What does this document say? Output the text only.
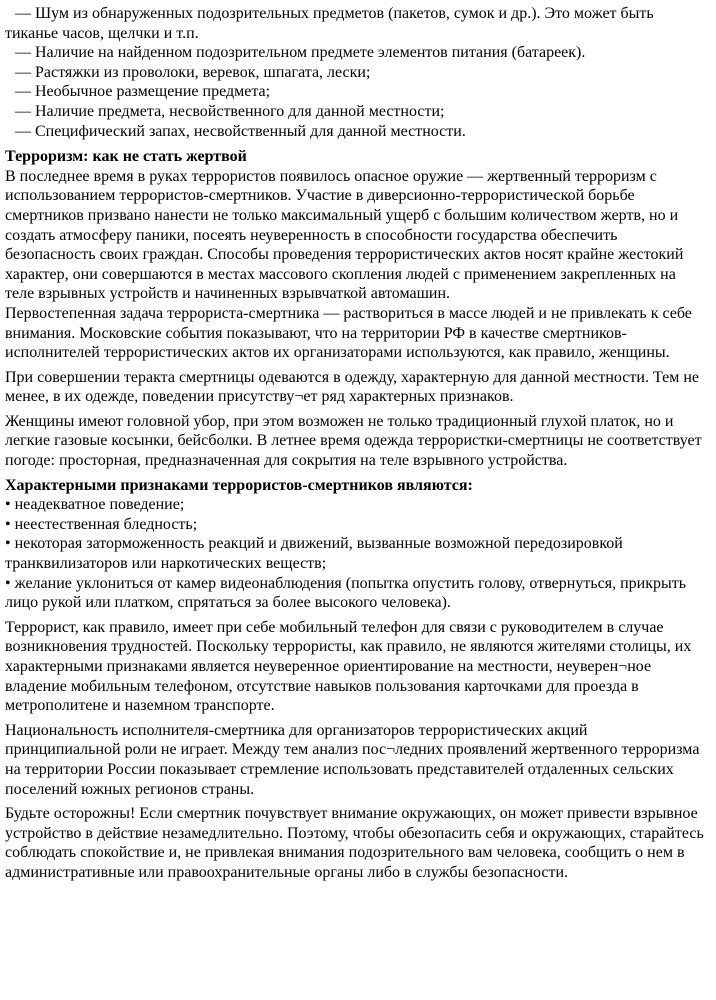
— Шум из обнаруженных подозрительных предметов (пакетов, сумок и др.). Это может быть тиканье часов, щелчки и т.п.

— Наличие на найденном подозрительном предмете элементов питания (батареек).

— Растяжки из проволоки, веревок, шпагата, лески;

— Необычное размещение предмета;

— Наличие предмета, несвойственного для данной местности;

— Специфический запах, несвойственный для данной местности.

Терроризм: как не стать жертвой

В последнее время в руках террористов появилось опасное оружие — жертвенный терроризм с использованием террористов-смертников. Участие в диверсионно-террористической борьбе смертников призвано нанести не только максимальный ущерб с большим количеством жертв, но и создать атмосферу паники, посеять неуверенность в способности государства обеспечить безопасность своих граждан. Способы проведения террористических актов носят крайне жестокий характер, они совершаются в местах массового скопления людей с применением закрепленных на теле взрывных устройств и начиненных взрывчаткой автомашин.

Первостепенная задача террориста-смертника — раствориться в массе людей и не привлекать к себе внимания. Московские события показывают, что на территории РФ в качестве смертников-исполнителей террористических актов их организаторами используются, как правило, женщины.

При совершении теракта смертницы одеваются в одежду, характерную для данной местности. Тем не менее, в их одежде, поведении присутству¬ет ряд характерных признаков.

Женщины имеют головной убор, при этом возможен не только традиционный глухой платок, но и легкие газовые косынки, бейсболки. В летнее время одежда террористки-смертницы не соответствует погоде: просторная, предназначенная для сокрытия на теле взрывного устройства.

Характерными признаками террористов-смертников являются:

• неадекватное поведение;

• неестественная бледность;

• некоторая заторможенность реакций и движений, вызванные возможной передозировкой транквилизаторов или наркотических веществ;

• желание уклониться от камер видеонаблюдения (попытка опустить голову, отвернуться, прикрыть лицо рукой или платком, спрятаться за более высокого человека).

Террорист, как правило, имеет при себе мобильный телефон для связи с руководителем в случае возникновения трудностей. Поскольку террористы, как правило, не являются жителями столицы, их характерными признаками является неуверенное ориентирование на местности, неуверен¬ное владение мобильным телефоном, отсутствие навыков пользования карточками для проезда в метрополитене и наземном транспорте.

Национальность исполнителя-смертника для организаторов террористических акций принципиальной роли не играет. Между тем анализ пос¬ледних проявлений жертвенного терроризма на территории России показывает стремление использовать представителей отдаленных сельских поселений южных регионов страны.

Будьте осторожны! Если смертник почувствует внимание окружающих, он может привести взрывное устройство в действие незамедлительно. Поэтому, чтобы обезопасить себя и окружающих, старайтесь соблюдать спокойствие и, не привлекая внимания подозрительного вам человека, сообщить о нем в административные или правоохранительные органы либо в службы безопасности.
